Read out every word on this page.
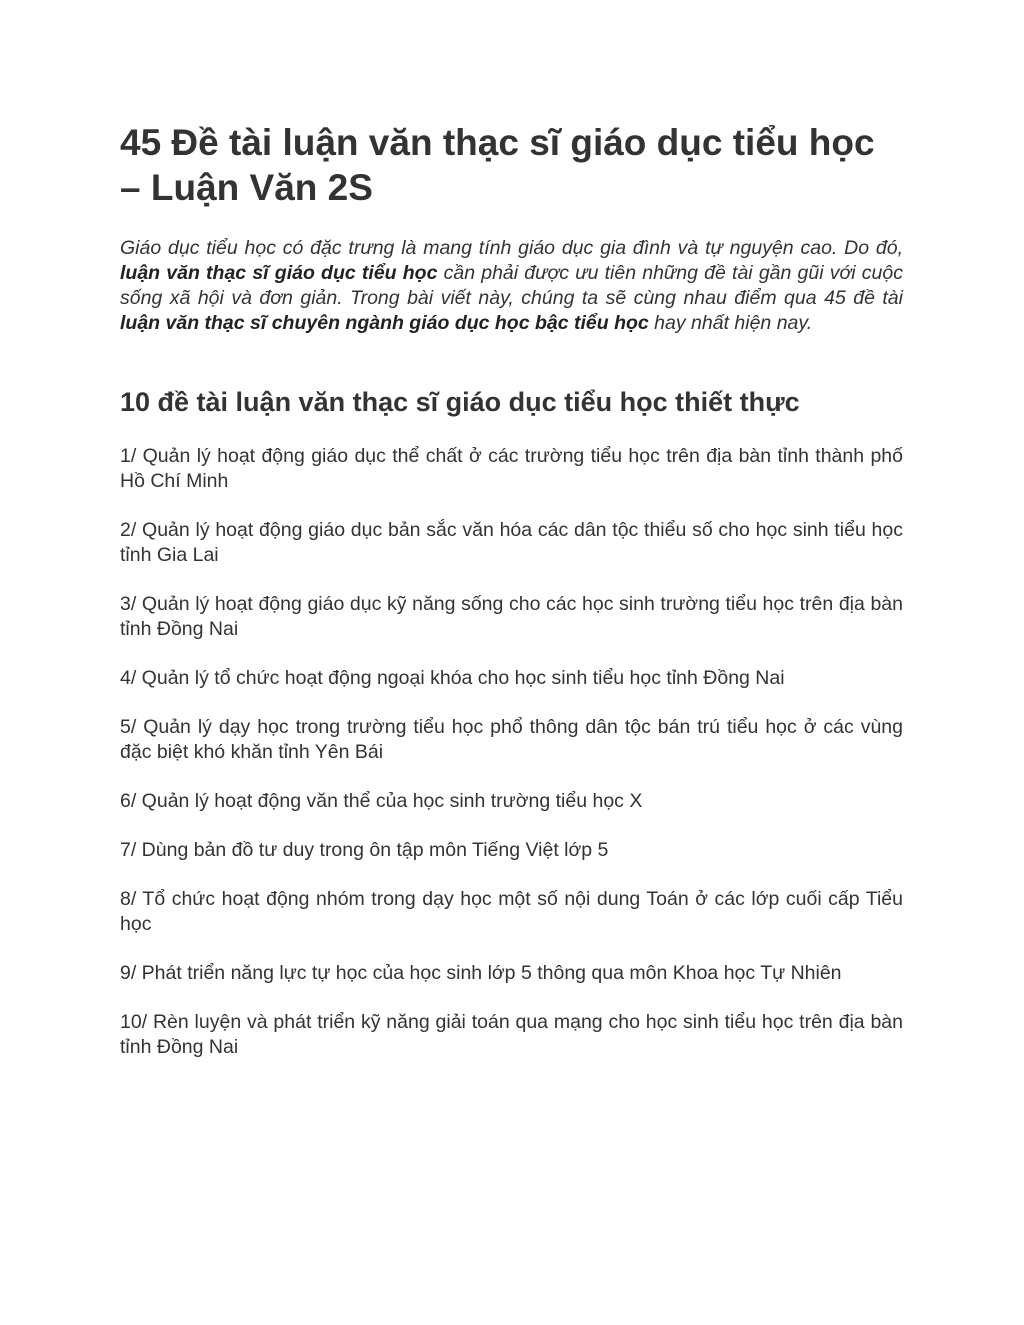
45 Đề tài luận văn thạc sĩ giáo dục tiểu học – Luận Văn 2S

Giáo dục tiểu học có đặc trưng là mang tính giáo dục gia đình và tự nguyện cao. Do đó, luận văn thạc sĩ giáo dục tiểu học cần phải được ưu tiên những đề tài gần gũi với cuộc sống xã hội và đơn giản. Trong bài viết này, chúng ta sẽ cùng nhau điểm qua 45 đề tài luận văn thạc sĩ chuyên ngành giáo dục học bậc tiểu học hay nhất hiện nay.

10 đề tài luận văn thạc sĩ giáo dục tiểu học thiết thực
1/ Quản lý hoạt động giáo dục thể chất ở các trường tiểu học trên địa bàn tỉnh thành phố Hồ Chí Minh
2/ Quản lý hoạt động giáo dục bản sắc văn hóa các dân tộc thiểu số cho học sinh tiểu học tỉnh Gia Lai
3/ Quản lý hoạt động giáo dục kỹ năng sống cho các học sinh trường tiểu học trên địa bàn tỉnh Đồng Nai
4/ Quản lý tổ chức hoạt động ngoại khóa cho học sinh tiểu học tỉnh Đồng Nai
5/ Quản lý dạy học trong trường tiểu học phổ thông dân tộc bán trú tiểu học ở các vùng đặc biệt khó khăn tỉnh Yên Bái
6/ Quản lý hoạt động văn thể của học sinh trường tiểu học X
7/ Dùng bản đồ tư duy trong ôn tập môn Tiếng Việt lớp 5
8/ Tổ chức hoạt động nhóm trong dạy học một số nội dung Toán ở các lớp cuối cấp Tiểu học
9/ Phát triển năng lực tự học của học sinh lớp 5 thông qua môn Khoa học Tự Nhiên
10/ Rèn luyện và phát triển kỹ năng giải toán qua mạng cho học sinh tiểu học trên địa bàn tỉnh Đồng Nai
